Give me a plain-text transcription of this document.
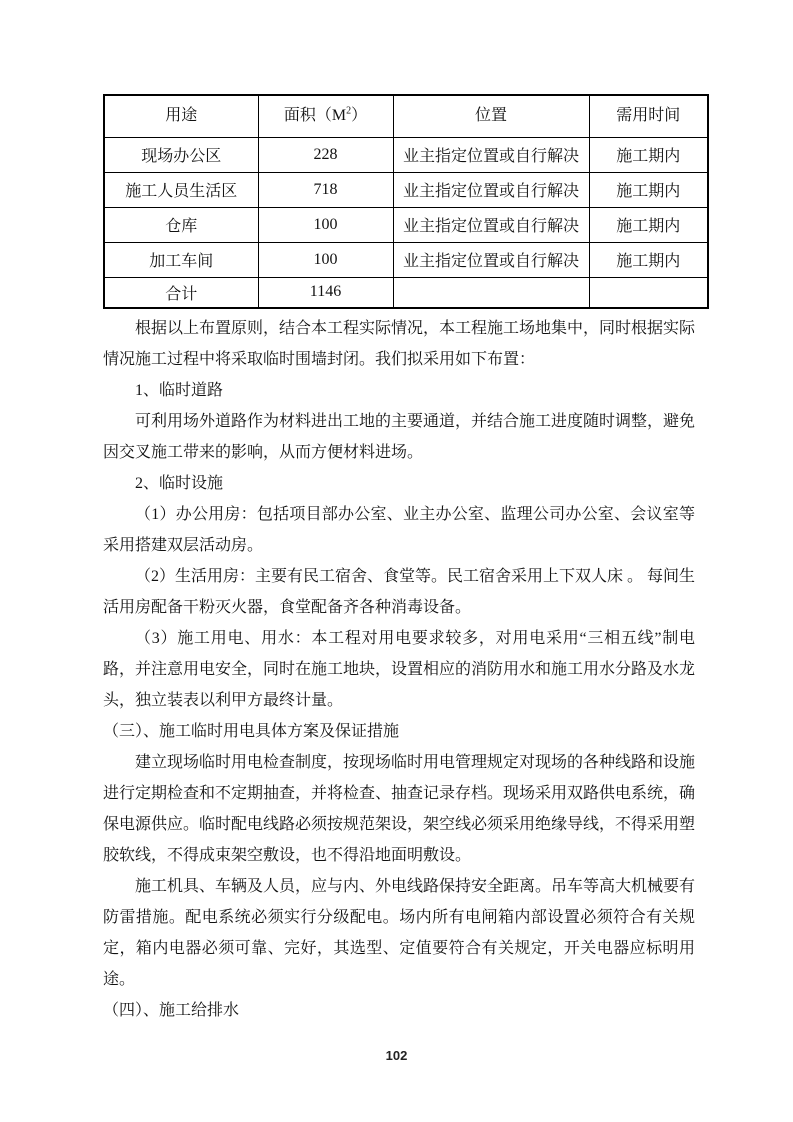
用途	面积$(M^2)$	位置	需用时间
现场办公区	228	业主指定位置或自行解决	施工期内
施工人员生活区	718	业主指定位置或自行解决	施工期内
仓库	100	业主指定位置或自行解决	施工期内
加工车间	100	业主指定位置或自行解决	施工期内
合计	1146		

根据以上布置原则，结合本工程实际情况，本工程施工场地集中，同时根据实际情况施工过程中将采取临时围墙封闭。我们拟采用如下布置：

1、临时道路

可利用场外道路作为材料进出工地的主要通道，并结合施工进度随时调整，避免因交叉施工带来的影响，从而方便材料进场。

2、临时设施

（1）办公用房：包括项目部办公室、业主办公室、监理公司办公室、会议室等 采用搭建双层活动房。

（2）生活用房：主要有民工宿舍、食堂等。民工宿舍采用上下双人床 。 每间生活用房配备干粉灭火器，食堂配备齐各种消毒设备。

（3）施工用电、用水：本工程对用电要求较多，对用电采用“三相五线”制电路，并注意用电安全，同时在施工地块，设置相应的消防用水和施工用水分路及水龙头，独立装表以利甲方最终计量。

（三）、施工临时用电具体方案及保证措施

建立现场临时用电检查制度，按现场临时用电管理规定对现场的各种线路和设施进行定期检查和不定期抽查，并将检查、抽查记录存档。现场采用双路供电系统，确保电源供应。临时配电线路必须按规范架设，架空线必须采用绝缘导线，不得采用塑胶软线，不得成束架空敷设，也不得沿地面明敷设。

施工机具、车辆及人员，应与内、外电线路保持安全距离。吊车等高大机械要有防雷措施。配电系统必须实行分级配电。场内所有电闸箱内部设置必须符合有关规定，箱内电器必须可靠、完好，其选型、定值要符合有关规定，开关电器应标明用途。

（四）、施工给排水

102
